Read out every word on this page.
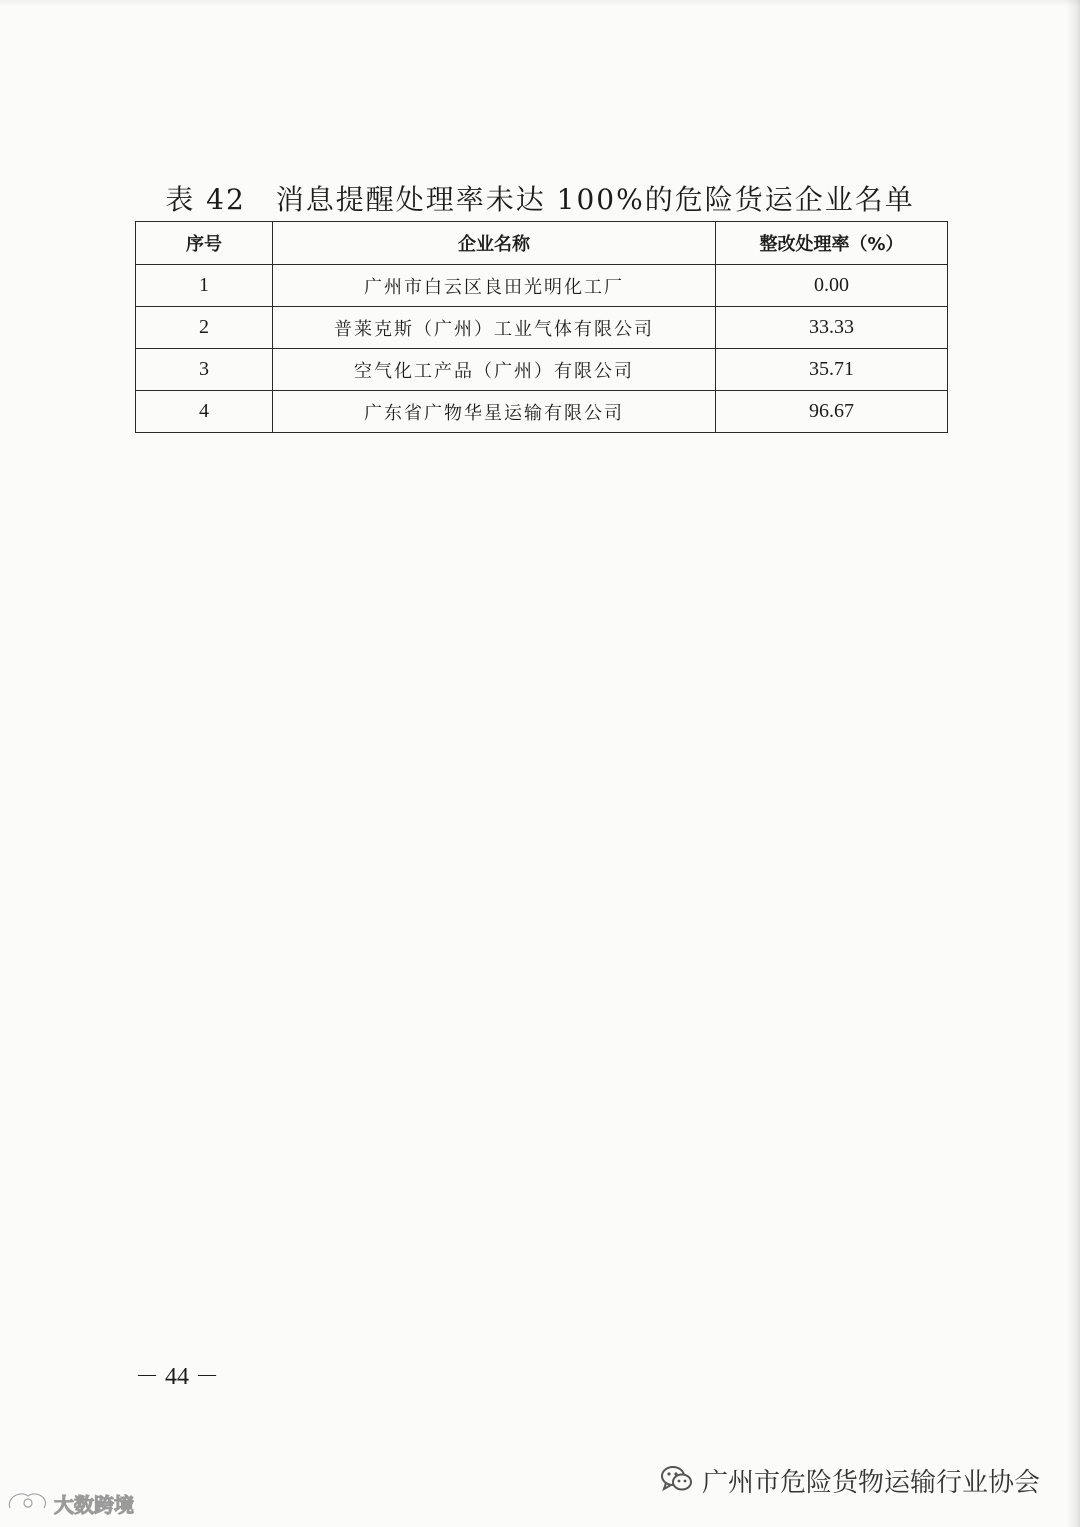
表 42 消息提醒处理率未达 100%的危险货运企业名单
序号	企业名称	整改处理率（%）
1	广州市白云区良田光明化工厂	0.00
2	普莱克斯（广州）工业气体有限公司	33.33
3	空气化工产品（广州）有限公司	35.71
4	广东省广物华星运输有限公司	96.67
－ 44 －
广州市危险货物运输行业协会
大数跨境
